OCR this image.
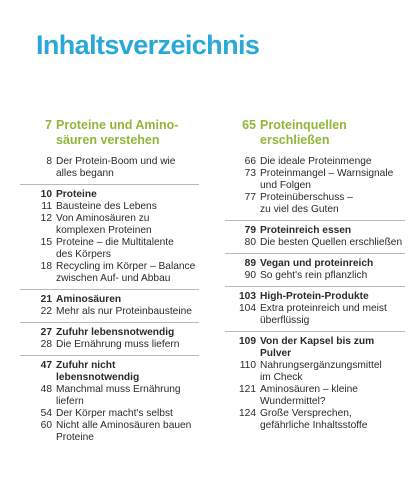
Inhaltsverzeichnis
7 Proteine und Amino-
säuren verstehen
8 Der Protein-Boom und wie
alles begann
10 Proteine
11 Bausteine des Lebens
12 Von Aminosäuren zu
komplexen Proteinen
15 Proteine – die Multitalente
des Körpers
18 Recycling im Körper – Balance
zwischen Auf- und Abbau
21 Aminosäuren
22 Mehr als nur Proteinbausteine
27 Zufuhr lebensnotwendig
28 Die Ernährung muss liefern
47 Zufuhr nicht lebensnotwendig
48 Manchmal muss Ernährung
liefern
54 Der Körper macht's selbst
60 Nicht alle Aminosäuren bauen
Proteine
65 Proteinquellen
erschließen
66 Die ideale Proteinmenge
73 Proteinmangel – Warnsignale
und Folgen
77 Proteinüberschuss –
zu viel des Guten
79 Proteinreich essen
80 Die besten Quellen erschließen
89 Vegan und proteinreich
90 So geht's rein pflanzlich
103 High-Protein-Produkte
104 Extra proteinreich und meist
überflüssig
109 Von der Kapsel bis zum
Pulver
110 Nahrungsergänzungsmittel
im Check
121 Aminosäuren – kleine
Wundermittel?
124 Große Versprechen,
gefährliche Inhaltsstoffe
